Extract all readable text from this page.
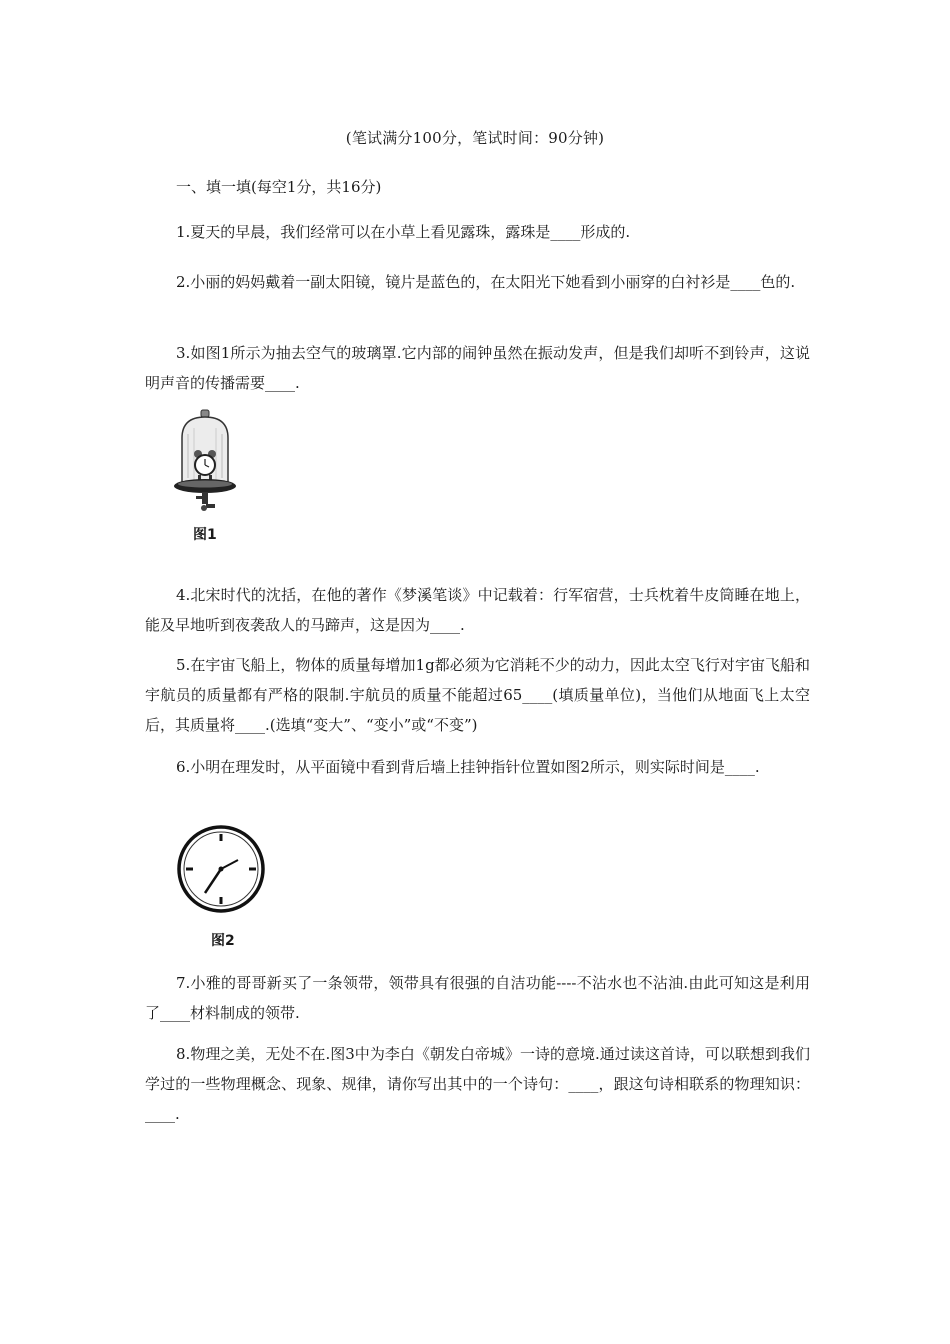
(笔试满分100分，笔试时间：90分钟)
一、填一填(每空1分，共16分)
1.夏天的早晨，我们经常可以在小草上看见露珠，露珠是____形成的.
2.小丽的妈妈戴着一副太阳镜，镜片是蓝色的，在太阳光下她看到小丽穿的白衬衫是____色的.
3.如图1所示为抽去空气的玻璃罩.它内部的闹钟虽然在振动发声，但是我们却听不到铃声，这说明声音的传播需要____.
图1
4.北宋时代的沈括，在他的著作《梦溪笔谈》中记载着：行军宿营，士兵枕着牛皮筒睡在地上，能及早地听到夜袭敌人的马蹄声，这是因为____.
5.在宇宙飞船上，物体的质量每增加1g都必须为它消耗不少的动力，因此太空飞行对宇宙飞船和宇航员的质量都有严格的限制.宇航员的质量不能超过65____(填质量单位)，当他们从地面飞上太空后，其质量将____.(选填“变大”、“变小”或“不变”)
6.小明在理发时，从平面镜中看到背后墙上挂钟指针位置如图2所示，则实际时间是____.
图2
7.小雅的哥哥新买了一条领带，领带具有很强的自洁功能----不沾水也不沾油.由此可知这是利用了____材料制成的领带.
8.物理之美，无处不在.图3中为李白《朝发白帝城》一诗的意境.通过读这首诗，可以联想到我们学过的一些物理概念、现象、规律，请你写出其中的一个诗句：____，跟这句诗相联系的物理知识：____.
